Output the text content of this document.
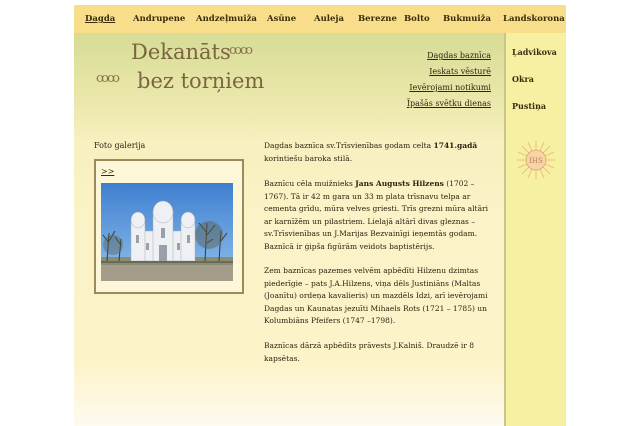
Dagda Andrupene Andzeļmuiža Asūne Auleja Berezne Bolto Bukmuiža Landskorona
ꝏꝏ
Dekanāts
ꝏꝏ bez torņiem
Dagdas baznīca
Ieskats vēsturē
Ievērojami notikumi
Īpašās svētku dienas
Foto galerija
>>
Dagdas baznīca sv.Trīsvienības godam celta 1741.gadā korintiešu baroka stilā.
Baznīcu cēla muižnieks Jans Augusts Hilzens (1702 – 1767). Tā ir 42 m gara un 33 m plata trīsnavu telpa ar cementa grīdu, mūra velves griesti. Trīs grezni mūra altāri ar karnīžēm un pilastriem. Lielajā altārī divas gleznas – sv.Trīsvienības un J.Marijas Bezvainīgi ieņemtās godam. Baznīcā ir ģipša figūrām veidots baptistērijs.
Zem baznīcas pazemes velvēm apbēdīti Hilzenu dzimtas piederīgie – pats J.A.Hilzens, viņa dēls Justiniāns (Maltas (Joanītu) ordeņa kavalieris) un mazdēls Idzi, arī ievērojami Dagdas un Kaunatas jezuīti Mihaels Rots (1721 – 1785) un Kolumbiāns Pfeifers (1747 –1798).
Baznīcas dārzā apbēdīts prāvests J.Kalniš. Draudzē ir 8 kapsētas.
Ļadvikova
Okra
Pustiņa
IHS
